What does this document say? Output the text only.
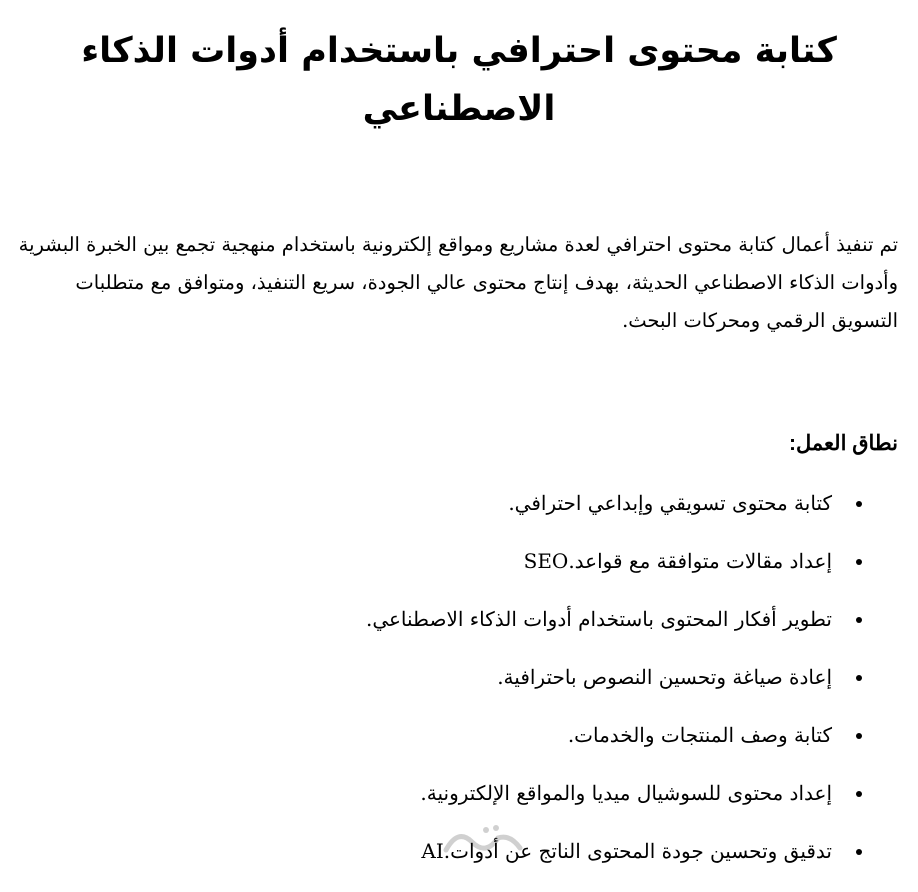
كتابة محتوى احترافي باستخدام أدوات الذكاء الاصطناعي

تم تنفيذ أعمال كتابة محتوى احترافي لعدة مشاريع ومواقع إلكترونية باستخدام منهجية تجمع بين الخبرة البشرية وأدوات الذكاء الاصطناعي الحديثة، بهدف إنتاج محتوى عالي الجودة، سريع التنفيذ، ومتوافق مع متطلبات التسويق الرقمي ومحركات البحث.

نطاق العمل:
كتابة محتوى تسويقي وإبداعي احترافي.
إعداد مقالات متوافقة مع قواعد.SEO
تطوير أفكار المحتوى باستخدام أدوات الذكاء الاصطناعي.
إعادة صياغة وتحسين النصوص باحترافية.
كتابة وصف المنتجات والخدمات.
إعداد محتوى للسوشيال ميديا والمواقع الإلكترونية.
تدقيق وتحسين جودة المحتوى الناتج عن أدوات.AI
